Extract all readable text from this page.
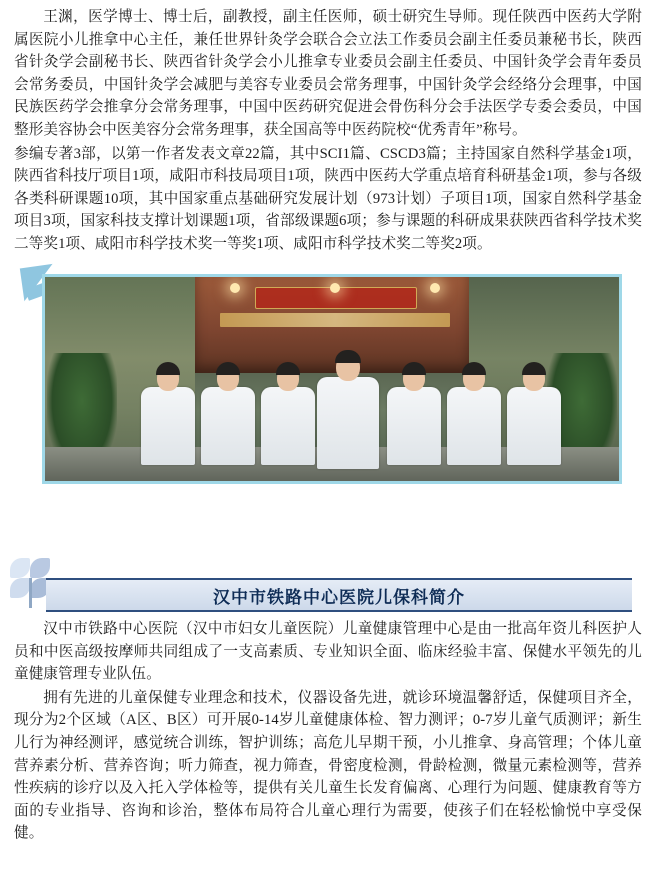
王渊，医学博士、博士后，副教授，副主任医师，硕士研究生导师。现任陕西中医药大学附属医院小儿推拿中心主任，兼任世界针灸学会联合会立法工作委员会副主任委员兼秘书长，陕西省针灸学会副秘书长、陕西省针灸学会小儿推拿专业委员会副主任委员、中国针灸学会青年委员会常务委员，中国针灸学会减肥与美容专业委员会常务理事，中国针灸学会经络分会理事，中国民族医药学会推拿分会常务理事，中国中医药研究促进会骨伤科分会手法医学专委会委员，中国整形美容协会中医美容分会常务理事，获全国高等中医药院校“优秀青年”称号。

参编专著3部，以第一作者发表文章22篇，其中SCI1篇、CSCD3篇；主持国家自然科学基金1项，陕西省科技厅项目1项，咸阳市科技局项目1项，陕西中医药大学重点培育科研基金1项，参与各级各类科研课题10项，其中国家重点基础研究发展计划（973计划）子项目1项，国家自然科学基金项目3项，国家科技支撑计划课题1项，省部级课题6项；参与课题的科研成果获陕西省科学技术奖二等奖1项、咸阳市科学技术奖一等奖1项、咸阳市科学技术奖二等奖2项。

汉中市铁路中心医院儿保科简介

汉中市铁路中心医院（汉中市妇女儿童医院）儿童健康管理中心是由一批高年资儿科医护人员和中医高级按摩师共同组成了一支高素质、专业知识全面、临床经验丰富、保健水平领先的儿童健康管理专业队伍。

拥有先进的儿童保健专业理念和技术，仪器设备先进，就诊环境温馨舒适，保健项目齐全，现分为2个区域（A区、B区）可开展0-14岁儿童健康体检、智力测评；0-7岁儿童气质测评；新生儿行为神经测评，感觉统合训练，智护训练；高危儿早期干预，小儿推拿、身高管理；个体儿童营养素分析、营养咨询；听力筛查，视力筛查，骨密度检测，骨龄检测，微量元素检测等，营养性疾病的诊疗以及入托入学体检等，提供有关儿童生长发育偏离、心理行为问题、健康教育等方面的专业指导、咨询和诊治，整体布局符合儿童心理行为需要，使孩子们在轻松愉悦中享受保健。
